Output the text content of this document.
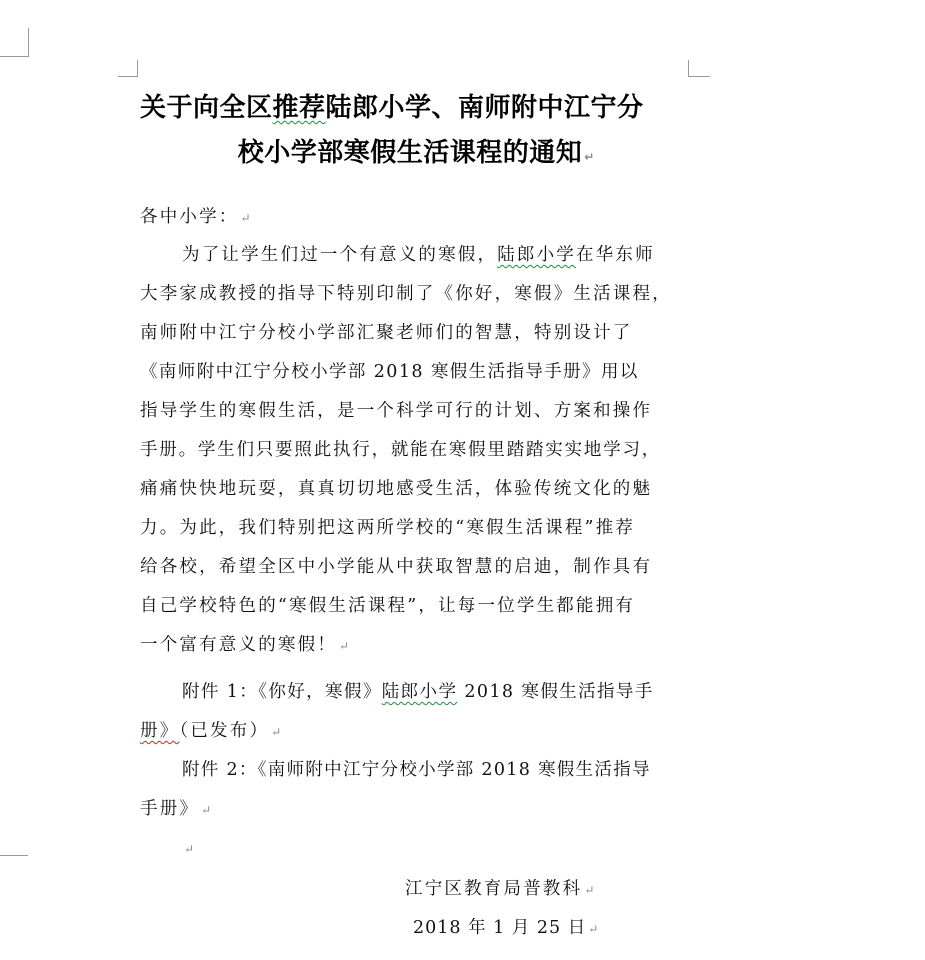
关于向全区推荐陆郎小学、南师附中江宁分
校小学部寒假生活课程的通知 ↵
各中小学： ↵
为了让学生们过一个有意义的寒假，陆郎小学在华东师
大李家成教授的指导下特别印制了《你好，寒假》生活课程，
南师附中江宁分校小学部汇聚老师们的智慧，特别设计了
《南师附中江宁分校小学部 2018 寒假生活指导手册》用以
指导学生的寒假生活，是一个科学可行的计划、方案和操作
手册。学生们只要照此执行，就能在寒假里踏踏实实地学习，
痛痛快快地玩耍，真真切切地感受生活，体验传统文化的魅
力。为此，我们特别把这两所学校的“寒假生活课程”推荐
给各校，希望全区中小学能从中获取智慧的启迪，制作具有
自己学校特色的“寒假生活课程”，让每一位学生都能拥有
一个富有意义的寒假！ ↵
附件 1：《你好，寒假》陆郎小学 2018 寒假生活指导手
册》（已发布） ↵
附件 2：《南师附中江宁分校小学部 2018 寒假生活指导
手册》 ↵
↵
江宁区教育局普教科 ↵
2018 年 1 月 25 日 ↵
